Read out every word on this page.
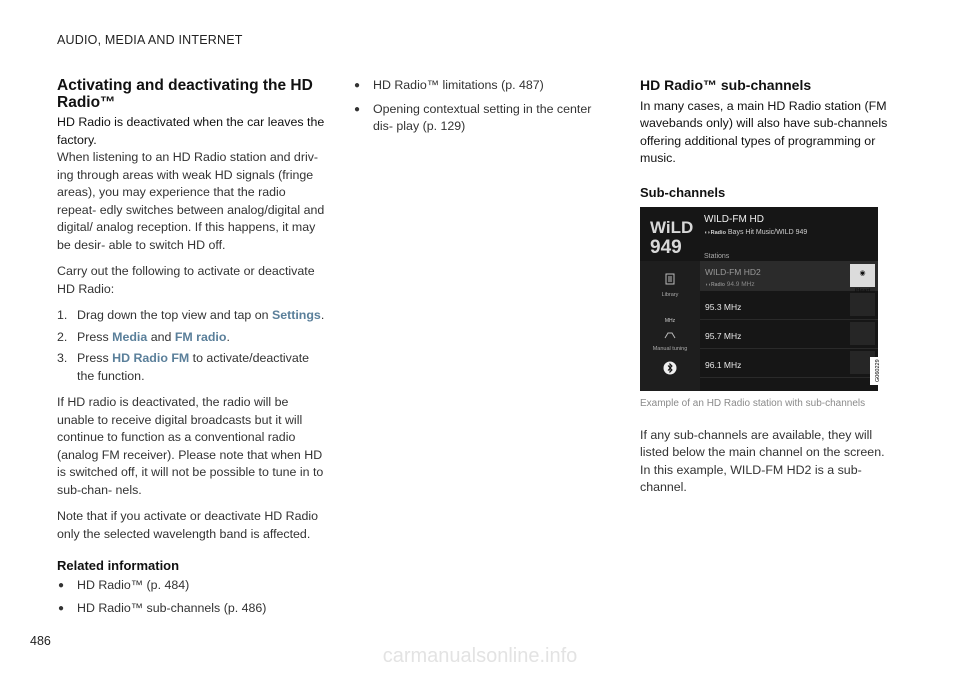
AUDIO, MEDIA AND INTERNET
Activating and deactivating the HD Radio™

HD Radio is deactivated when the car leaves the factory.

When listening to an HD Radio station and driv- ing through areas with weak HD signals (fringe areas), you may experience that the radio repeat- edly switches between analog/digital and digital/ analog reception. If this happens, it may be desir- able to switch HD off.

Carry out the following to activate or deactivate HD Radio:

1. Drag down the top view and tap on Settings.
2. Press Media and FM radio.
3. Press HD Radio FM to activate/deactivate the function.

If HD radio is deactivated, the radio will be unable to receive digital broadcasts but it will continue to function as a conventional radio (analog FM receiver). Please note that when HD is switched off, it will not be possible to tune in to sub-chan- nels.

Note that if you activate or deactivate HD Radio only the selected wavelength band is affected.

Related information
● HD Radio™ (p. 484)
● HD Radio™ sub-channels (p. 486)
● HD Radio™ limitations (p. 487)
● Opening contextual setting in the center dis- play (p. 129)
HD Radio™ sub-channels

In many cases, a main HD Radio station (FM wavebands only) will also have sub-channels offering additional types of programming or music.

Sub-channels
WiLD
949
WILD-FM HD
◖◗Radio Bays Hit Music/WILD 949
Stations
Library
MHz
Manual tuning
WILD-FM HD2
◖◗Radio 94.9 MHz
◉
iHeart
95.3 MHz
95.7 MHz
96.1 MHz	G060229
Example of an HD Radio station with sub-channels

If any sub-channels are available, they will listed below the main channel on the screen. In this example, WILD-FM HD2 is a sub-channel.

486
carmanualsonline.info
